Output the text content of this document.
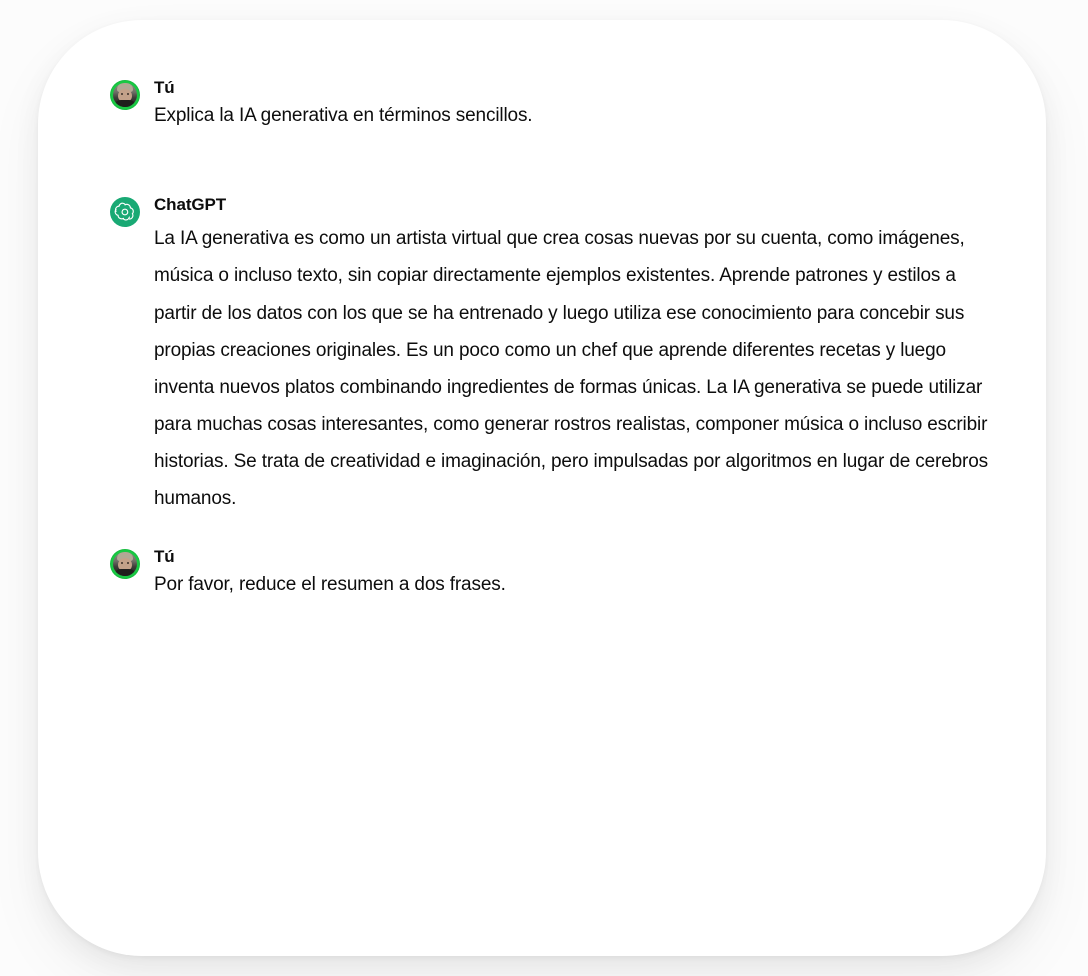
Tú
Explica la IA generativa en términos sencillos.
ChatGPT
La IA generativa es como un artista virtual que crea cosas nuevas por su cuenta, como imágenes, música o incluso texto, sin copiar directamente ejemplos existentes. Aprende patrones y estilos a partir de los datos con los que se ha entrenado y luego utiliza ese conocimiento para concebir sus propias creaciones originales. Es un poco como un chef que aprende diferentes recetas y luego inventa nuevos platos combinando ingredientes de formas únicas. La IA generativa se puede utilizar para muchas cosas interesantes, como generar rostros realistas, componer música o incluso escribir historias. Se trata de creatividad e imaginación, pero impulsadas por algoritmos en lugar de cerebros humanos.
Tú
Por favor, reduce el resumen a dos frases.
